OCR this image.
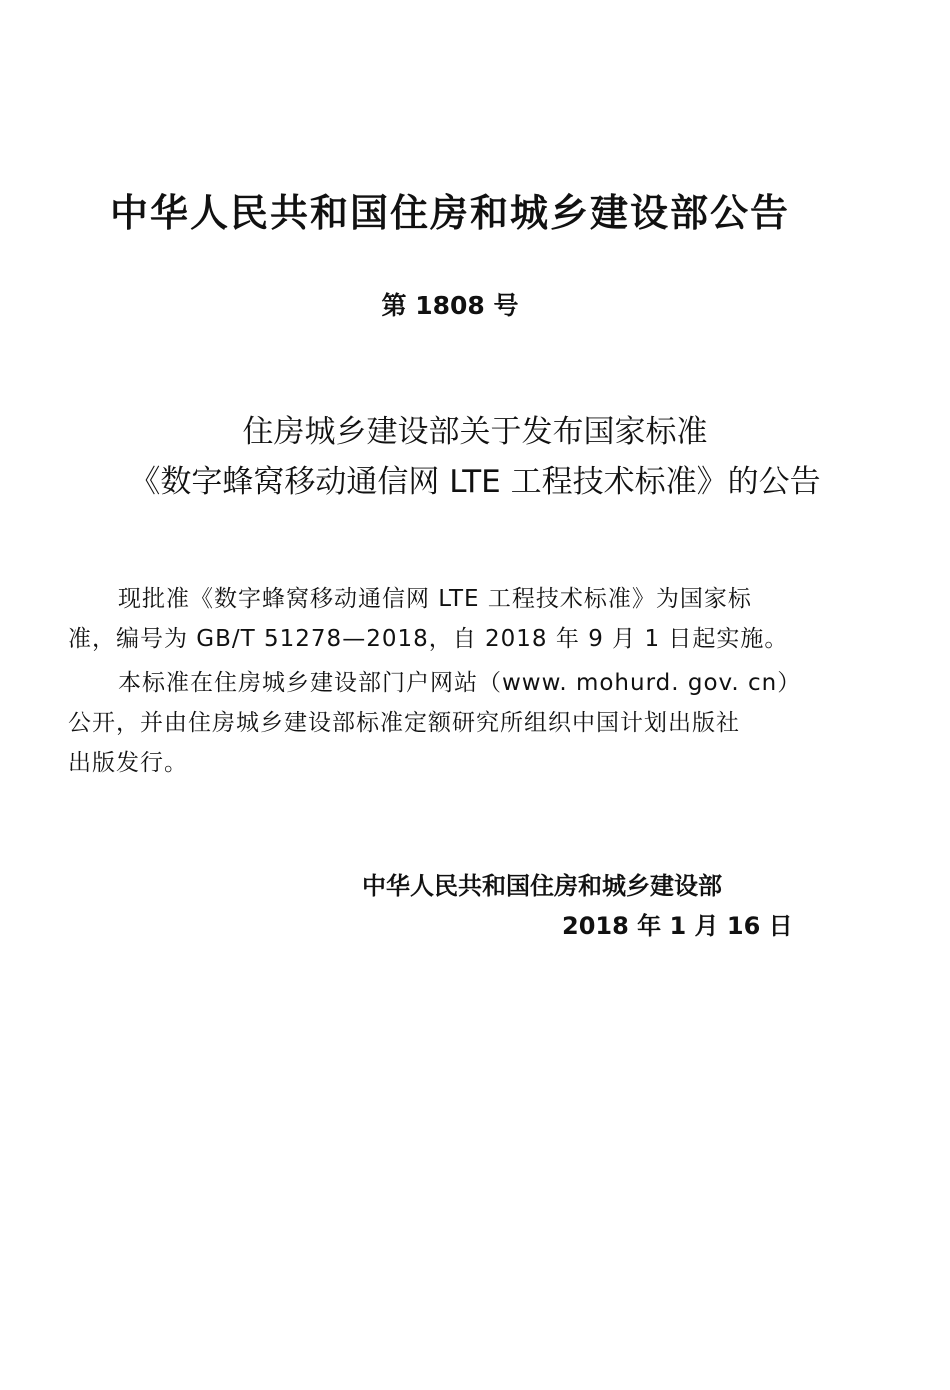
中华人民共和国住房和城乡建设部公告
第 1808 号
住房城乡建设部关于发布国家标准
《数字蜂窝移动通信网 LTE 工程技术标准》的公告
现批准《数字蜂窝移动通信网 LTE 工程技术标准》为国家标
准，编号为 GB/T 51278—2018，自 2018 年 9 月 1 日起实施。
本标准在住房城乡建设部门户网站（www. mohurd. gov. cn）
公开，并由住房城乡建设部标准定额研究所组织中国计划出版社
出版发行。
中华人民共和国住房和城乡建设部
2018 年 1 月 16 日
